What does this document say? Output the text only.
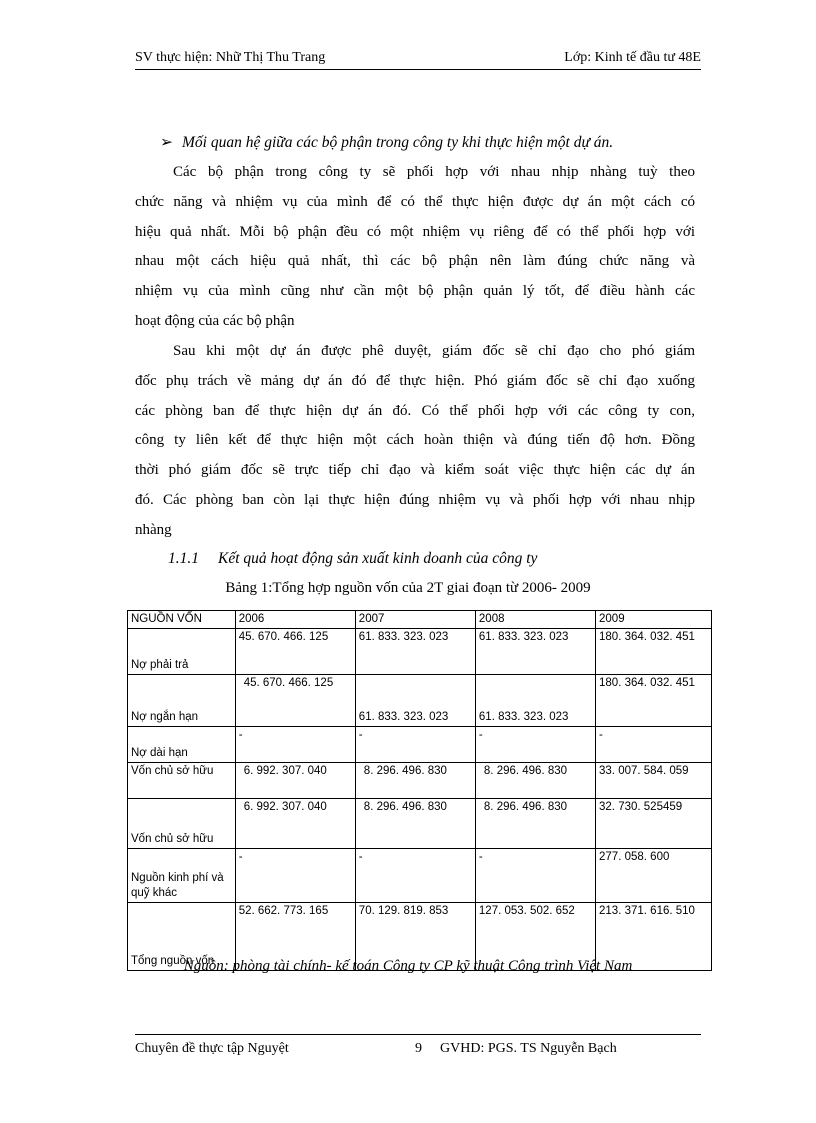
SV thực hiện: Nhữ Thị Thu Trang	Lớp: Kinh tế đầu tư 48E
➢ Mối quan hệ giữa các bộ phận trong công ty khi thực hiện một dự án.
Các bộ phận trong công ty sẽ phối hợp với nhau nhịp nhàng tuỳ theo
chức năng và nhiệm vụ của mình để có thể thực hiện được dự án một cách có
hiệu quả nhất. Mỗi bộ phận đều có một nhiệm vụ riêng để có thể phối hợp với
nhau một cách hiệu quả nhất, thì các bộ phận nên làm đúng chức năng và
nhiệm vụ của mình cũng như cần một bộ phận quản lý tốt, để điều hành các
hoạt động của các bộ phận
Sau khi một dự án được phê duyệt, giám đốc sẽ chỉ đạo cho phó giám
đốc phụ trách về mảng dự án đó để thực hiện. Phó giám đốc sẽ chỉ đạo xuống
các phòng ban để thực hiện dự án đó. Có thể phối hợp với các công ty con,
công ty liên kết để thực hiện một cách hoàn thiện và đúng tiến độ hơn. Đồng
thời phó giám đốc sẽ trực tiếp chỉ đạo và kiểm soát việc thực hiện các dự án
đó. Các phòng ban còn lại thực hiện đúng nhiệm vụ và phối hợp với nhau nhịp
nhàng
1.1.1 Kết quả hoạt động sản xuất kinh doanh của công ty
Bảng 1:Tổng hợp nguồn vốn của 2T giai đoạn từ 2006- 2009
NGUỒN VỐN	2006	2007	2008	2009
Nợ phải trả	45. 670. 466. 125	61. 833. 323. 023	61. 833. 323. 023	180. 364. 032. 451
Nợ ngắn hạn	45. 670. 466. 125	61. 833. 323. 023	61. 833. 323. 023	180. 364. 032. 451
Nợ dài hạn	-	-	-	-
Vốn chủ sở hữu	6. 992. 307. 040	8. 296. 496. 830	8. 296. 496. 830	33. 007. 584. 059
Vốn chủ sở hữu	6. 992. 307. 040	8. 296. 496. 830	8. 296. 496. 830	32. 730. 525459
Nguồn kinh phí và quỹ khác	-	-	-	277. 058. 600
Tổng nguồn vốn	52. 662. 773. 165	70. 129. 819. 853	127. 053. 502. 652	213. 371. 616. 510
Nguồn: phòng tài chính- kế toán Công ty CP kỹ thuật Công trình Việt Nam
Chuyên đề thực tập Nguyệt	9 GVHD: PGS. TS Nguyễn Bạch
